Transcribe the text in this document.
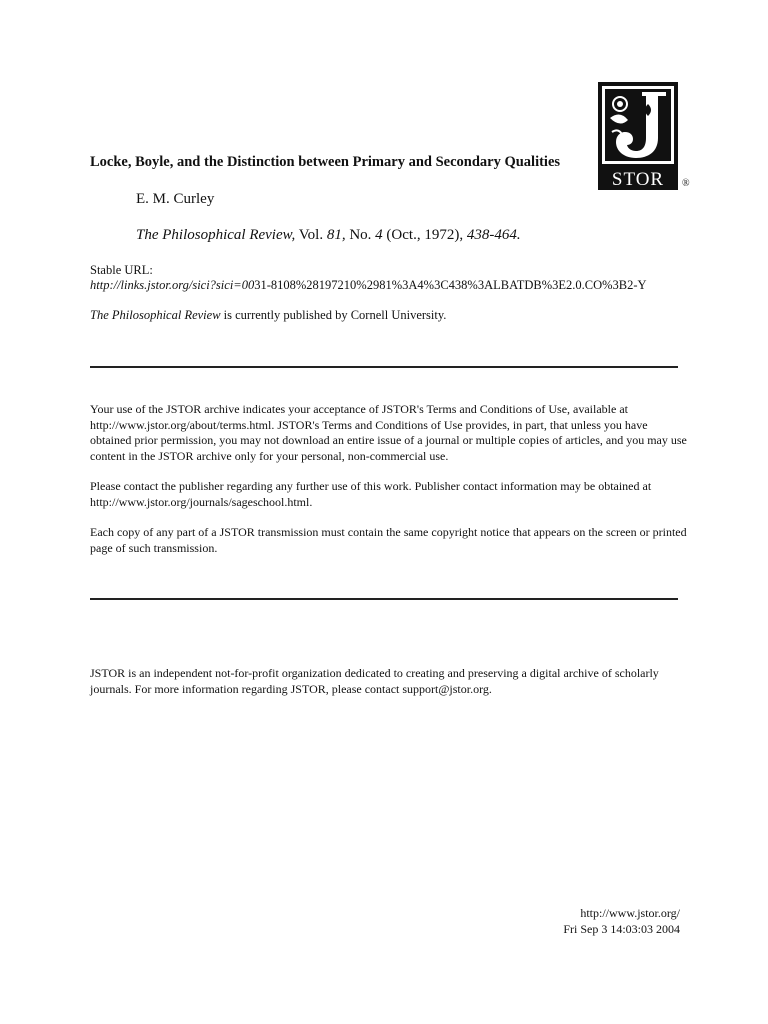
STOR ®
Locke, Boyle, and the Distinction between Primary and Secondary Qualities
E. M. Curley
The Philosophical Review, Vol. 81, No. 4 (Oct., 1972), 438-464.
Stable URL:
http://links.jstor.org/sici?sici=0031-8108%28197210%2981%3A4%3C438%3ALBATDB%3E2.0.CO%3B2-Y
The Philosophical Review is currently published by Cornell University.
Your use of the JSTOR archive indicates your acceptance of JSTOR's Terms and Conditions of Use, available at http://www.jstor.org/about/terms.html. JSTOR's Terms and Conditions of Use provides, in part, that unless you have obtained prior permission, you may not download an entire issue of a journal or multiple copies of articles, and you may use content in the JSTOR archive only for your personal, non-commercial use.
Please contact the publisher regarding any further use of this work. Publisher contact information may be obtained at http://www.jstor.org/journals/sageschool.html.
Each copy of any part of a JSTOR transmission must contain the same copyright notice that appears on the screen or printed page of such transmission.
JSTOR is an independent not-for-profit organization dedicated to creating and preserving a digital archive of scholarly journals. For more information regarding JSTOR, please contact support@jstor.org.
http://www.jstor.org/
Fri Sep 3 14:03:03 2004
